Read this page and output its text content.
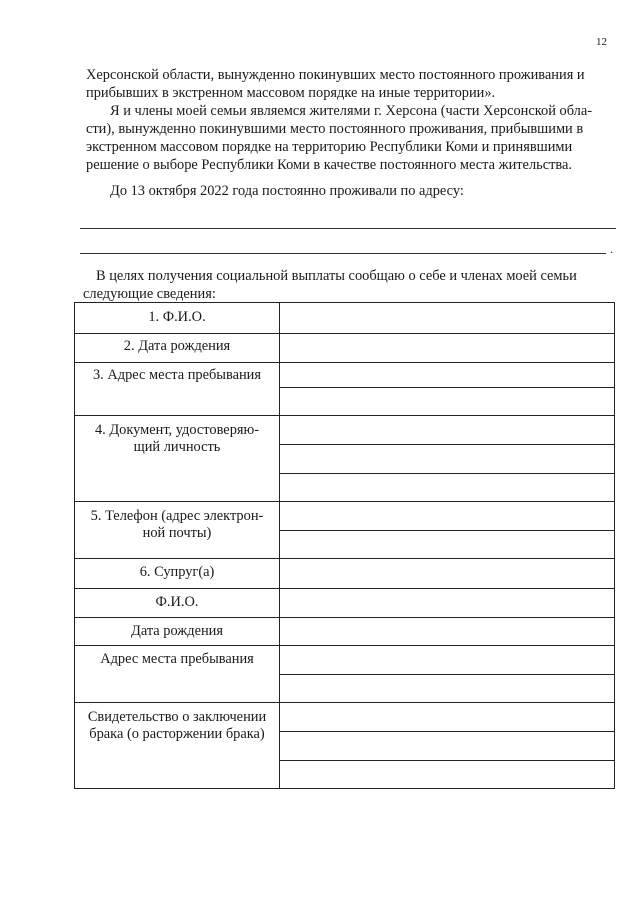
12

Херсонской области, вынужденно покинувших место постоянного проживания и

прибывших в экстренном массовом порядке на иные территории».

Я и члены моей семьи являемся жителями г. Херсона (части Херсонской обла-

сти), вынужденно покинувшими место постоянного проживания, прибывшими в

экстренном массовом порядке на территорию Республики Коми и принявшими

решение о выборе Республики Коми в качестве постоянного места жительства.

До 13 октября 2022 года постоянно проживали по адресу:

.

В целях получения социальной выплаты сообщаю о себе и членах моей семьи

следующие сведения:

1. Ф.И.О.
2. Дата рождения
3. Адрес места пребывания
4. Документ, удостоверяю-
щий личность
5. Телефон (адрес электрон-
ной почты)
6. Супруг(а)
Ф.И.О.
Дата рождения
Адрес места пребывания
Свидетельство о заключении
брака (о расторжении брака)
